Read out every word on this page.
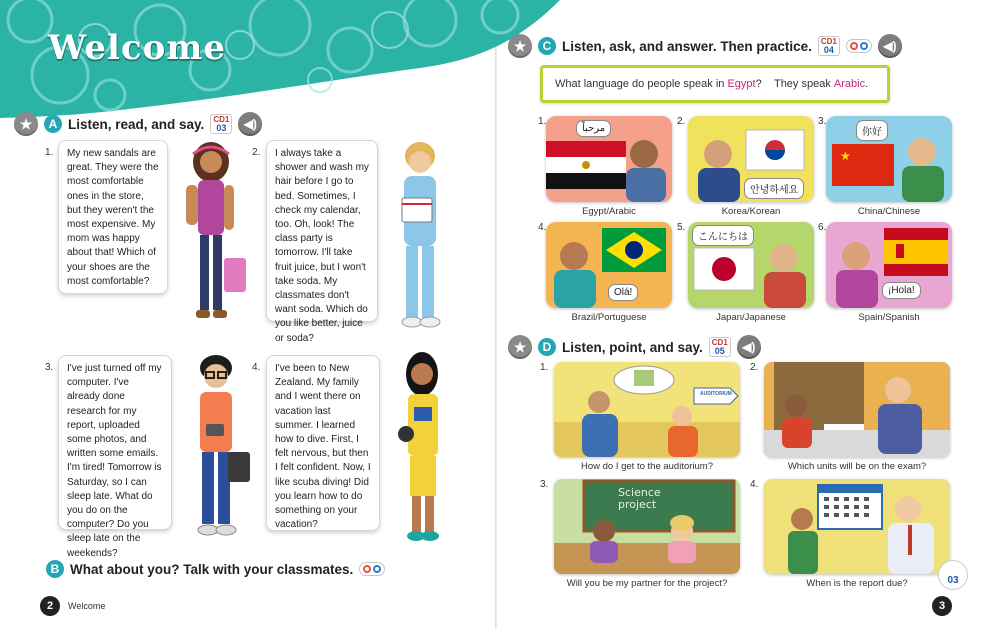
Welcome
★	A Listen, read, and say.	CD1
03	◀)
1.	My new sandals are great. They were the most comfortable ones in the store, but they weren't the most expensive. My mom was happy about that! Which of your shoes are the most comfortable?
2.	I always take a shower and wash my hair before I go to bed. Sometimes, I check my calendar, too. Oh, look! The class party is tomorrow. I'll take fruit juice, but I won't take soda. My classmates don't want soda. Which do you like better, juice or soda?
3.	I've just turned off my computer. I've already done research for my report, uploaded some photos, and written some emails. I'm tired! Tomorrow is Saturday, so I can sleep late. What do you do on the computer? Do you sleep late on the weekends?
4.	I've been to New Zealand. My family and I went there on vacation last summer. I learned how to dive. First, I felt nervous, but then I felt confident. Now, I like scuba diving! Did you learn how to do something on your vacation?
B What about you? Talk with your classmates.
2	Welcome
★	C Listen, ask, and answer. Then practice.	CD1
04	◀)
What language do people speak in
Egypt ?
They speak
Arabic .
1.
مرحباً
Egypt/Arabic
2.
안녕하세요
Korea/Korean
3.
★
你好
China/Chinese
4.
Olá!
Brazil/Portuguese
5.
こんにちは
Japan/Japanese
6.
¡Hola!
Spain/Spanish
★	D Listen, point, and say.	CD1
05	◀)
1.
AUDITORIUM
How do I get to the auditorium?
2.
Which units will be on the exam?
3.
Science project
Will you be my partner for the project?
4.
When is the report due?	03
3
